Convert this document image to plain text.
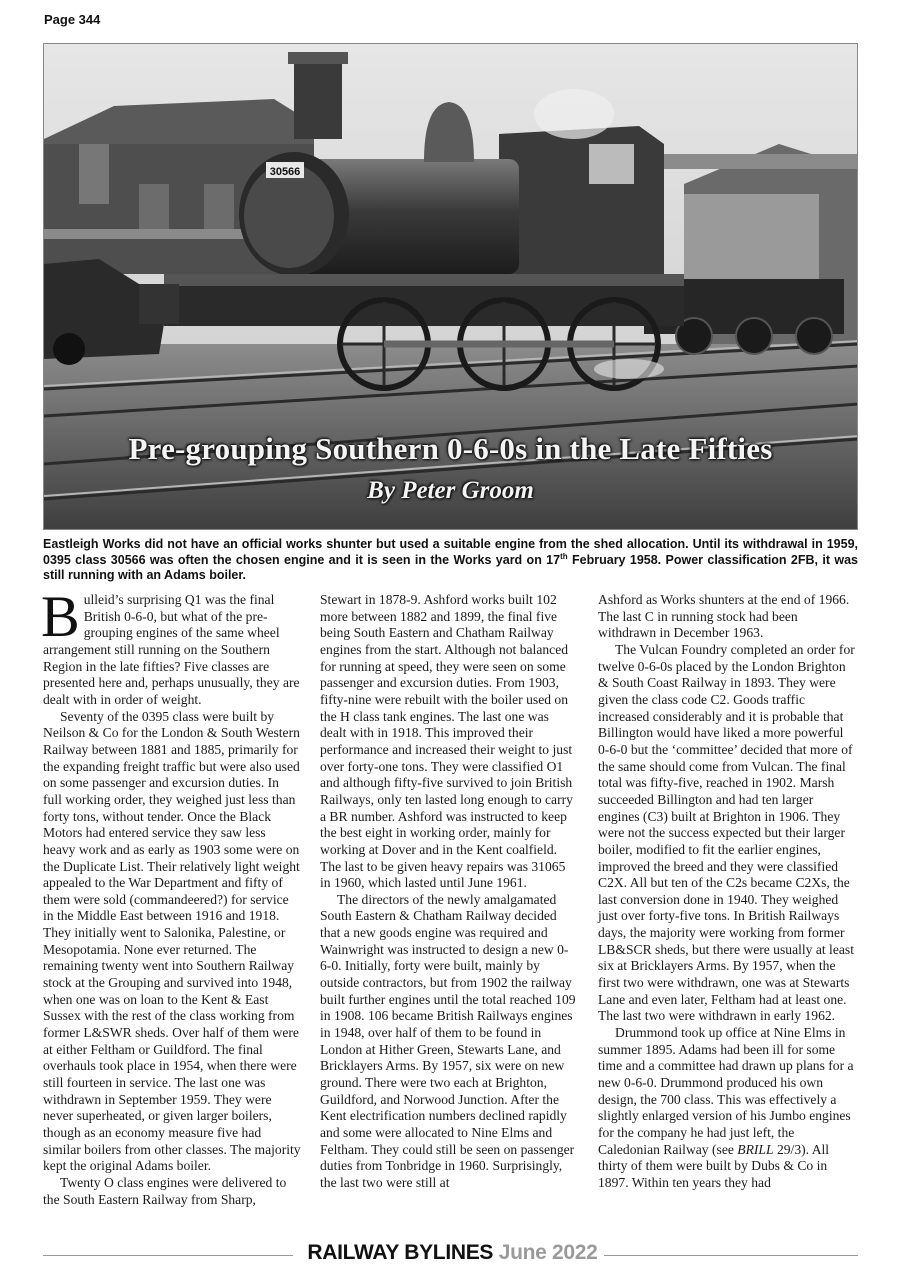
Page 344
30566
Pre-grouping Southern 0-6-0s in the Late Fifties
By Peter Groom
Eastleigh Works did not have an official works shunter but used a suitable engine from the shed allocation. Until its withdrawal in 1959, 0395 class 30566 was often the chosen engine and it is seen in the Works yard on 17th February 1958. Power classification 2FB, it was still running with an Adams boiler.

Bulleid’s surprising Q1 was the final British 0-6-0, but what of the pre-grouping engines of the same wheel arrangement still running on the Southern Region in the late fifties? Five classes are presented here and, perhaps unusually, they are dealt with in order of weight.

Seventy of the 0395 class were built by Neilson & Co for the London & South Western Railway between 1881 and 1885, primarily for the expanding freight traffic but were also used on some passenger and excursion duties. In full working order, they weighed just less than forty tons, without tender. Once the Black Motors had entered service they saw less heavy work and as early as 1903 some were on the Duplicate List. Their relatively light weight appealed to the War Department and fifty of them were sold (commandeered?) for service in the Middle East between 1916 and 1918. They initially went to Salonika, Palestine, or Mesopotamia. None ever returned. The remaining twenty went into Southern Railway stock at the Grouping and survived into 1948, when one was on loan to the Kent & East Sussex with the rest of the class working from former L&SWR sheds. Over half of them were at either Feltham or Guildford. The final overhauls took place in 1954, when there were still fourteen in service. The last one was withdrawn in September 1959. They were never superheated, or given larger boilers, though as an economy measure five had similar boilers from other classes. The majority kept the original Adams boiler.

Twenty O class engines were delivered to the South Eastern Railway from Sharp,

Stewart in 1878-9. Ashford works built 102 more between 1882 and 1899, the final five being South Eastern and Chatham Railway engines from the start. Although not balanced for running at speed, they were seen on some passenger and excursion duties. From 1903, fifty-nine were rebuilt with the boiler used on the H class tank engines. The last one was dealt with in 1918. This improved their performance and increased their weight to just over forty-one tons. They were classified O1 and although fifty-five survived to join British Railways, only ten lasted long enough to carry a BR number. Ashford was instructed to keep the best eight in working order, mainly for working at Dover and in the Kent coalfield. The last to be given heavy repairs was 31065 in 1960, which lasted until June 1961.

The directors of the newly amalgamated South Eastern & Chatham Railway decided that a new goods engine was required and Wainwright was instructed to design a new 0-6-0. Initially, forty were built, mainly by outside contractors, but from 1902 the railway built further engines until the total reached 109 in 1908. 106 became British Railways engines in 1948, over half of them to be found in London at Hither Green, Stewarts Lane, and Bricklayers Arms. By 1957, six were on new ground. There were two each at Brighton, Guildford, and Norwood Junction. After the Kent electrification numbers declined rapidly and some were allocated to Nine Elms and Feltham. They could still be seen on passenger duties from Tonbridge in 1960. Surprisingly, the last two were still at

Ashford as Works shunters at the end of 1966. The last C in running stock had been withdrawn in December 1963.

The Vulcan Foundry completed an order for twelve 0-6-0s placed by the London Brighton & South Coast Railway in 1893. They were given the class code C2. Goods traffic increased considerably and it is probable that Billington would have liked a more powerful 0-6-0 but the ‘committee’ decided that more of the same should come from Vulcan. The final total was fifty-five, reached in 1902. Marsh succeeded Billington and had ten larger engines (C3) built at Brighton in 1906. They were not the success expected but their larger boiler, modified to fit the earlier engines, improved the breed and they were classified C2X. All but ten of the C2s became C2Xs, the last conversion done in 1940. They weighed just over forty-five tons. In British Railways days, the majority were working from former LB&SCR sheds, but there were usually at least six at Bricklayers Arms. By 1957, when the first two were withdrawn, one was at Stewarts Lane and even later, Feltham had at least one. The last two were withdrawn in early 1962.

Drummond took up office at Nine Elms in summer 1895. Adams had been ill for some time and a committee had drawn up plans for a new 0-6-0. Drummond produced his own design, the 700 class. This was effectively a slightly enlarged version of his Jumbo engines for the company he had just left, the Caledonian Railway (see BRILL 29/3). All thirty of them were built by Dubs & Co in 1897. Within ten years they had

RAILWAY BYLINES June 2022
